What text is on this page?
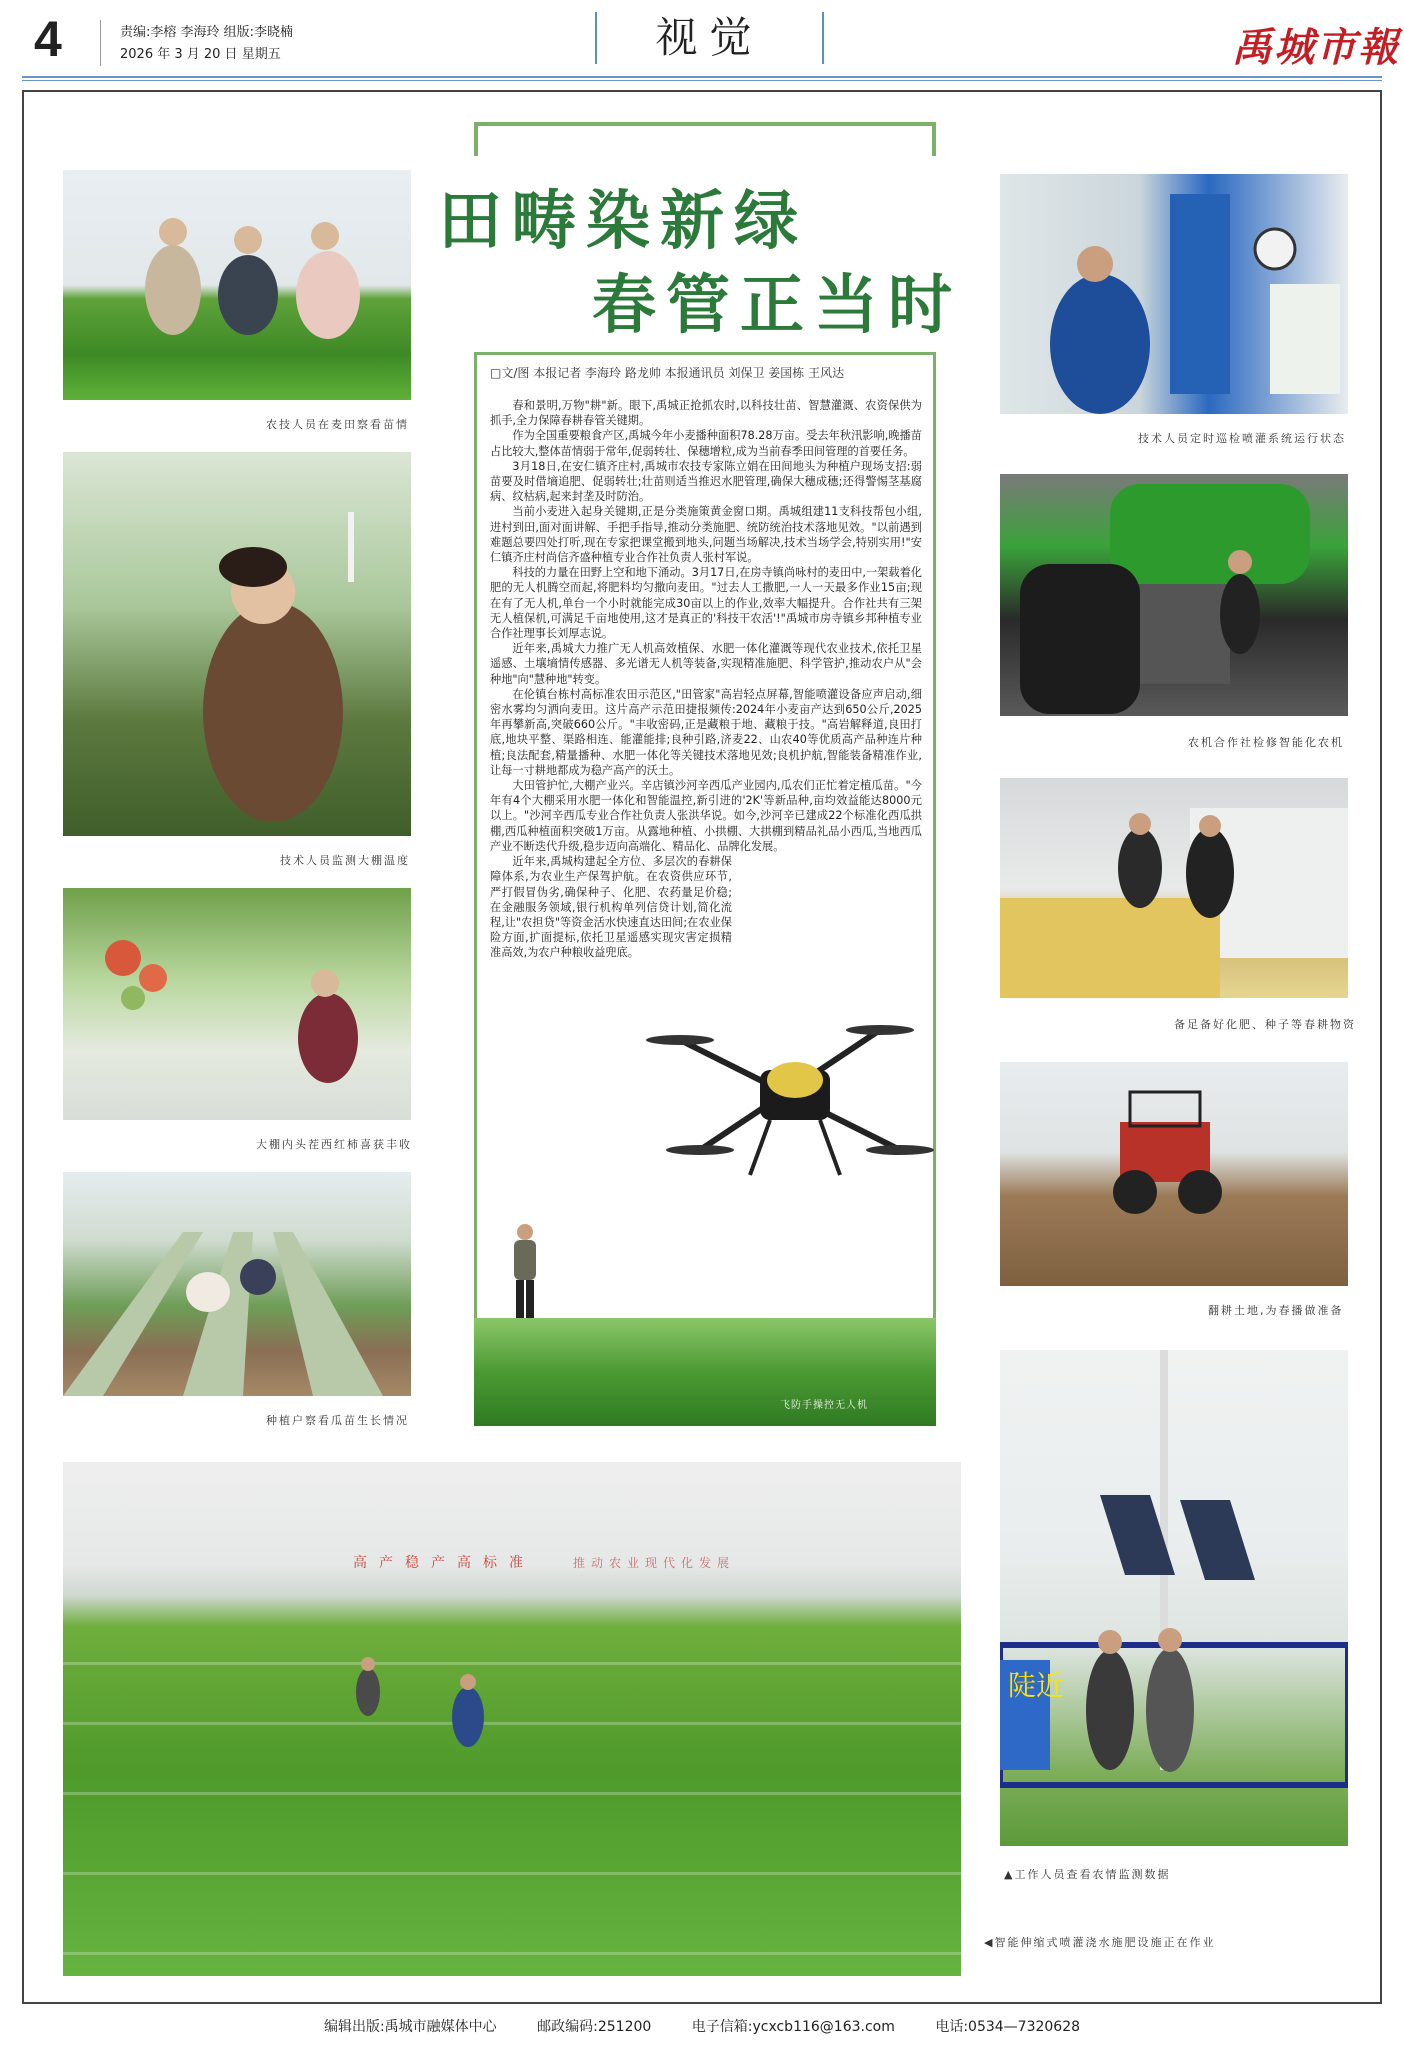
4	责编:李榕 李海玲 组版:李晓楠
2026 年 3 月 20 日 星期五	视觉	禹城市報
农技人员在麦田察看苗情
技术人员监测大棚温度
大棚内头茬西红柿喜获丰收
种植户察看瓜苗生长情况
技术人员定时巡检喷灌系统运行状态
农机合作社检修智能化农机
备足备好化肥、种子等春耕物资
翻耕土地,为春播做准备
陡近
▲工作人员查看农情监测数据
◀智能伸缩式喷灌浇水施肥设施正在作业
高产稳产高标准	推动农业现代化发展
田畴染新绿
春管正当时
□文/图 本报记者 李海玲 路龙帅 本报通讯员 刘保卫 姜国栋 王风达

春和景明,万物"耕"新。眼下,禹城正抢抓农时,以科技壮苗、智慧灌溉、农资保供为抓手,全力保障春耕春管关键期。

作为全国重要粮食产区,禹城今年小麦播种面积78.28万亩。受去年秋汛影响,晚播苗占比较大,整体苗情弱于常年,促弱转壮、保穗增粒,成为当前春季田间管理的首要任务。

3月18日,在安仁镇齐庄村,禹城市农技专家陈立娟在田间地头为种植户现场支招:弱苗要及时借墒追肥、促弱转壮;壮苗则适当推迟水肥管理,确保大穗成穗;还得警惕茎基腐病、纹枯病,起来封垄及时防治。

当前小麦进入起身关键期,正是分类施策黄金窗口期。禹城组建11支科技帮包小组,进村到田,面对面讲解、手把手指导,推动分类施肥、统防统治技术落地见效。"以前遇到难题总要四处打听,现在专家把课堂搬到地头,问题当场解决,技术当场学会,特别实用!"安仁镇齐庄村尚信齐盛种植专业合作社负责人张村军说。

科技的力量在田野上空和地下涌动。3月17日,在房寺镇尚咏村的麦田中,一架载着化肥的无人机腾空而起,将肥料均匀撒向麦田。"过去人工撒肥,一人一天最多作业15亩;现在有了无人机,单台一个小时就能完成30亩以上的作业,效率大幅提升。合作社共有三架无人植保机,可满足千亩地使用,这才是真正的'科技干农活'!"禹城市房寺镇乡邦种植专业合作社理事长刘厚志说。

近年来,禹城大力推广无人机高效植保、水肥一体化灌溉等现代农业技术,依托卫星遥感、土壤墒情传感器、多光谱无人机等装备,实现精准施肥、科学管护,推动农户从"会种地"向"慧种地"转变。

在伦镇台栋村高标准农田示范区,"田管家"高岩轻点屏幕,智能喷灌设备应声启动,细密水雾均匀洒向麦田。这片高产示范田捷报频传:2024年小麦亩产达到650公斤,2025年再攀新高,突破660公斤。"丰收密码,正是藏粮于地、藏粮于技。"高岩解释道,良田打底,地块平整、渠路相连、能灌能排;良种引路,济麦22、山农40等优质高产品种连片种植;良法配套,精量播种、水肥一体化等关键技术落地见效;良机护航,智能装备精准作业,让每一寸耕地都成为稳产高产的沃土。

大田管护忙,大棚产业兴。辛店镇沙河辛西瓜产业园内,瓜农们正忙着定植瓜苗。"今年有4个大棚采用水肥一体化和智能温控,新引进的'2K'等新品种,亩均效益能达8000元以上。"沙河辛西瓜专业合作社负责人张洪华说。如今,沙河辛已建成22个标准化西瓜拱棚,西瓜种植面积突破1万亩。从露地种植、小拱棚、大拱棚到精品礼品小西瓜,当地西瓜产业不断迭代升级,稳步迈向高端化、精品化、品牌化发展。

近年来,禹城构建起全方位、多层次的春耕保障体系,为农业生产保驾护航。在农资供应环节,严打假冒伪劣,确保种子、化肥、农药量足价稳;在金融服务领域,银行机构单列信贷计划,简化流程,让"农担贷"等资金活水快速直达田间;在农业保险方面,扩面提标,依托卫星遥感实现灾害定损精准高效,为农户种粮收益兜底。

飞防手操控无人机
编辑出版:禹城市融媒体中心	邮政编码:251200	电子信箱:ycxcb116@163.com	电话:0534—7320628
